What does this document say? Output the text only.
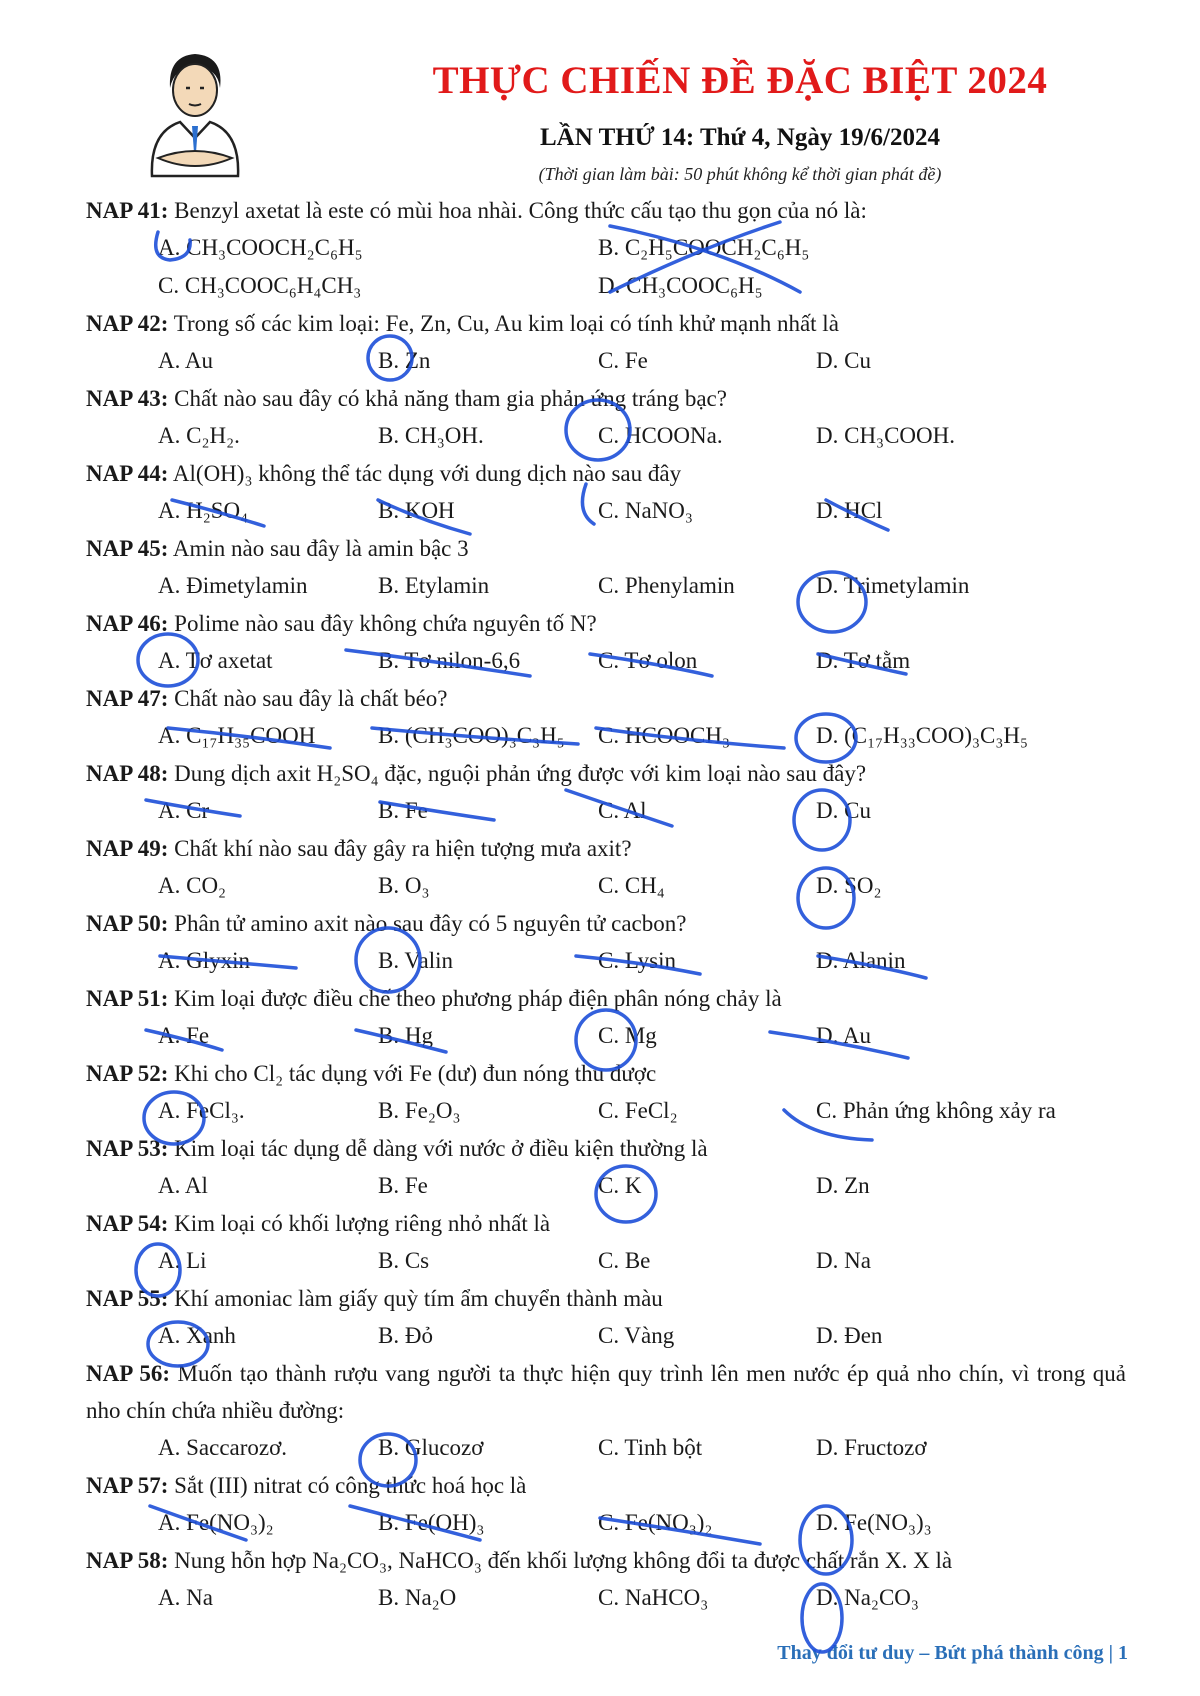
THỰC CHIẾN ĐỀ ĐẶC BIỆT 2024
LẦN THỨ 14: Thứ 4, Ngày 19/6/2024
(Thời gian làm bài: 50 phút không kể thời gian phát đề)
NAP 41: Benzyl axetat là este có mùi hoa nhài. Công thức cấu tạo thu gọn của nó là:
A. CH₃COOCH₂C₆H₅	B. C₂H₅COOCH₂C₆H₅
C. CH₃COOC₆H₄CH₃	D. CH₃COOC₆H₅
NAP 42: Trong số các kim loại: Fe, Zn, Cu, Au kim loại có tính khử mạnh nhất là
A. Au	B. Zn	C. Fe	D. Cu
NAP 43: Chất nào sau đây có khả năng tham gia phản ứng tráng bạc?
A. C₂H₂.	B. CH₃OH.	C. HCOONa.	D. CH₃COOH.
NAP 44: Al(OH)₃ không thể tác dụng với dung dịch nào sau đây
A. H₂SO₄	B. KOH	C. NaNO₃	D. HCl
NAP 45: Amin nào sau đây là amin bậc 3
A. Đimetylamin	B. Etylamin	C. Phenylamin	D. Trimetylamin
NAP 46: Polime nào sau đây không chứa nguyên tố N?
A. Tơ axetat	B. Tơ nilon-6,6	C. Tơ olon	D. Tơ tằm
NAP 47: Chất nào sau đây là chất béo?
A. C₁₇H₃₅COOH	B. (CH₃COO)₃C₃H₅ C. HCOOCH₃	D. (C₁₇H₃₃COO)₃C₃H₅
NAP 48: Dung dịch axit H₂SO₄ đặc, nguội phản ứng được với kim loại nào sau đây?
A. Cr	B. Fe	C. Al	D. Cu
NAP 49: Chất khí nào sau đây gây ra hiện tượng mưa axit?
A. CO₂	B. O₃	C. CH₄	D. SO₂
NAP 50: Phân tử amino axit nào sau đây có 5 nguyên tử cacbon?
A. Glyxin	B. Valin	C. Lysin	D. Alanin
NAP 51: Kim loại được điều chế theo phương pháp điện phân nóng chảy là
A. Fe	B. Hg	C. Mg	D. Au
NAP 52: Khi cho Cl₂ tác dụng với Fe (dư) đun nóng thu được
A. FeCl₃.	B. Fe₂O₃	C. FeCl₂	C. Phản ứng không xảy ra
NAP 53: Kim loại tác dụng dễ dàng với nước ở điều kiện thường là
A. Al	B. Fe	C. K	D. Zn
NAP 54: Kim loại có khối lượng riêng nhỏ nhất là
A. Li	B. Cs	C. Be	D. Na
NAP 55: Khí amoniac làm giấy quỳ tím ẩm chuyển thành màu
A. Xanh	B. Đỏ	C. Vàng	D. Đen
NAP 56: Muốn tạo thành rượu vang người ta thực hiện quy trình lên men nước ép quả nho chín, vì trong quả nho chín chứa nhiều đường:
A. Saccarozơ.	B. Glucozơ	C. Tinh bột	D. Fructozơ
NAP 57: Sắt (III) nitrat có công thức hoá học là
A. Fe(NO₃)₂	B. Fe(OH)₃	C. Fe(NO₃)₂	D. Fe(NO₃)₃
NAP 58: Nung hỗn hợp Na₂CO₃, NaHCO₃ đến khối lượng không đổi ta được chất rắn X. X là
A. Na	B. Na₂O	C. NaHCO₃	D. Na₂CO₃
Thay đổi tư duy – Bứt phá thành công | 1
